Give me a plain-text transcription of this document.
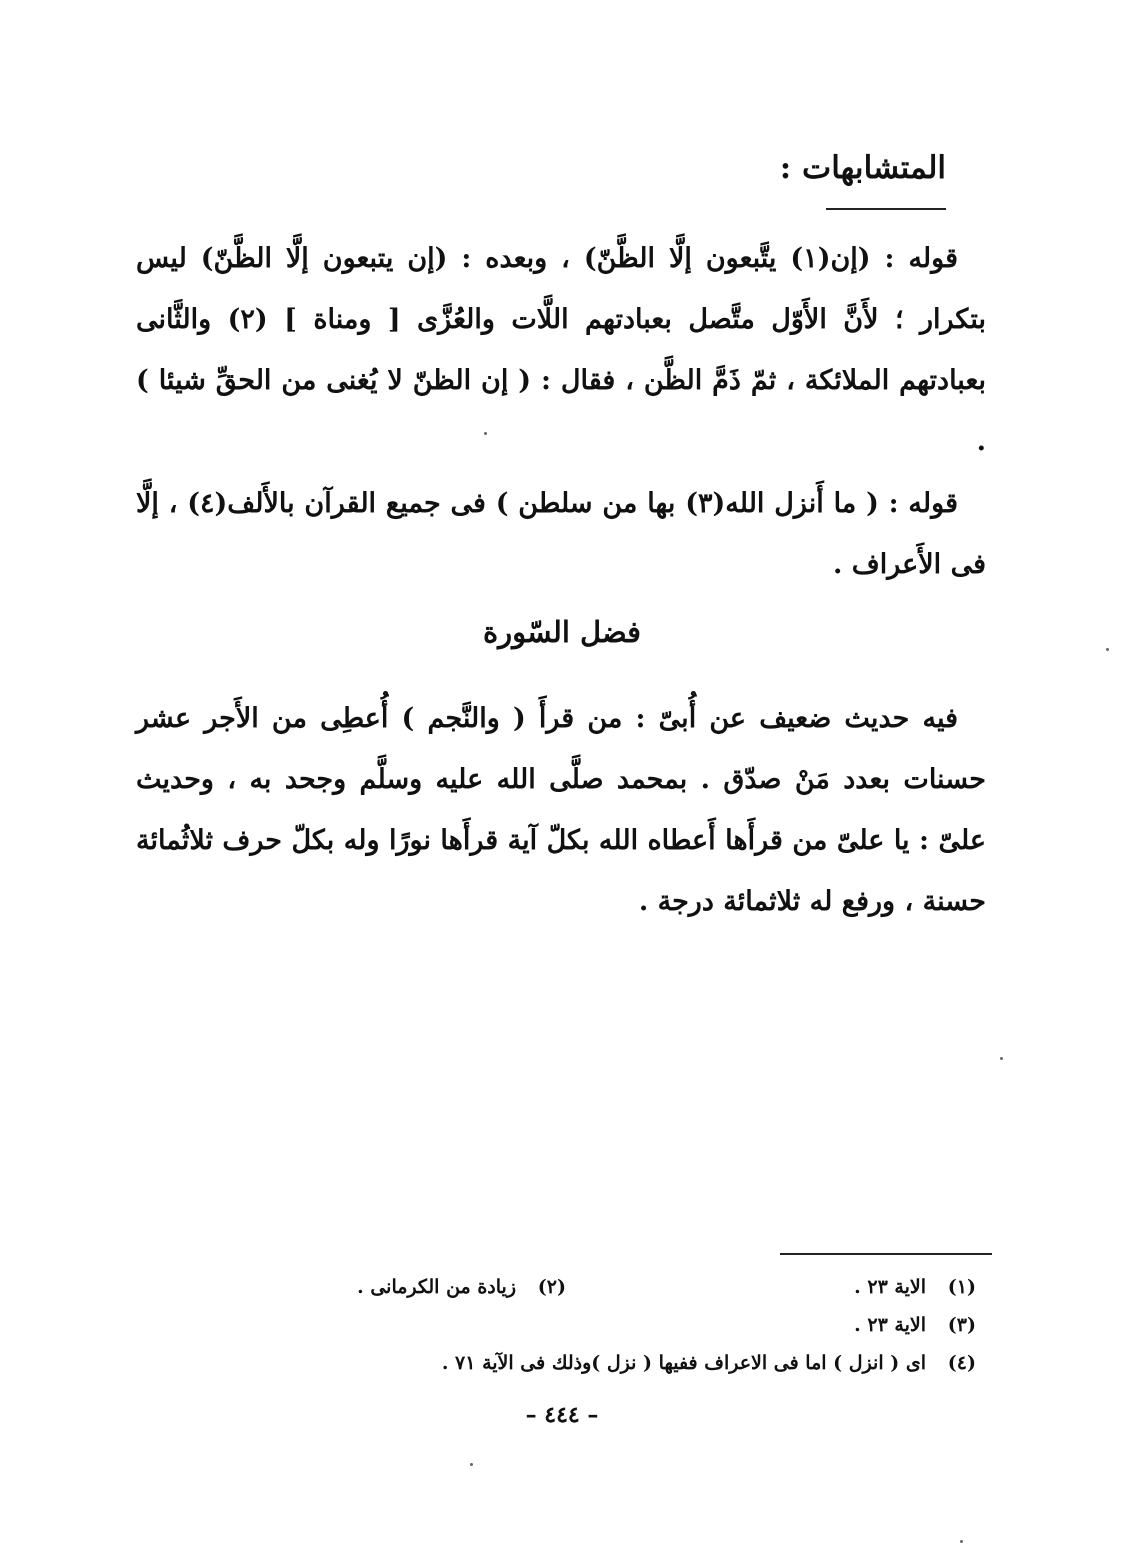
المتشابهات :

قوله : (إن(١) يتَّبعون إلَّا الظَّنّ) ، وبعده : (إن يتبعون إلَّا الظَّنّ) ليس بتكرار ؛ لأَنَّ الأَوّل متَّصل بعبادتهم اللَّات والعُزَّى [ ومناة ] (٢) والثَّانى بعبادتهم الملائكة ، ثمّ ذَمَّ الظَّن ، فقال : ( إن الظنّ لا يُغنى من الحقِّ شيئا ) .

قوله : ( ما أَنزل الله(٣) بها من سلطن ) فى جميع القرآن بالأَلف(٤) ، إلَّا فى الأَعراف .

فضل السّورة

فيه حديث ضعيف عن أُبىّ : من قرأَ ( والنَّجم ) أُعطِى من الأَجر عشر حسنات بعدد مَنْ صدّق . بمحمد صلَّى الله عليه وسلَّم وجحد به ، وحديث علىّ : يا علىّ من قرأَها أَعطاه الله بكلّ آية قرأَها نورًا وله بكلّ حرف ثلاثُمائة حسنة ، ورفع له ثلاثمائة درجة .

(١)
الاية ٢٣ .
(٢)
زيادة من الكرمانى .
(٣)
الاية ٢٣ .
(٤)
اى ( انزل ) اما فى الاعراف ففيها ( نزل )وذلك فى الآية ٧١ .

– ٤٤٤ –
